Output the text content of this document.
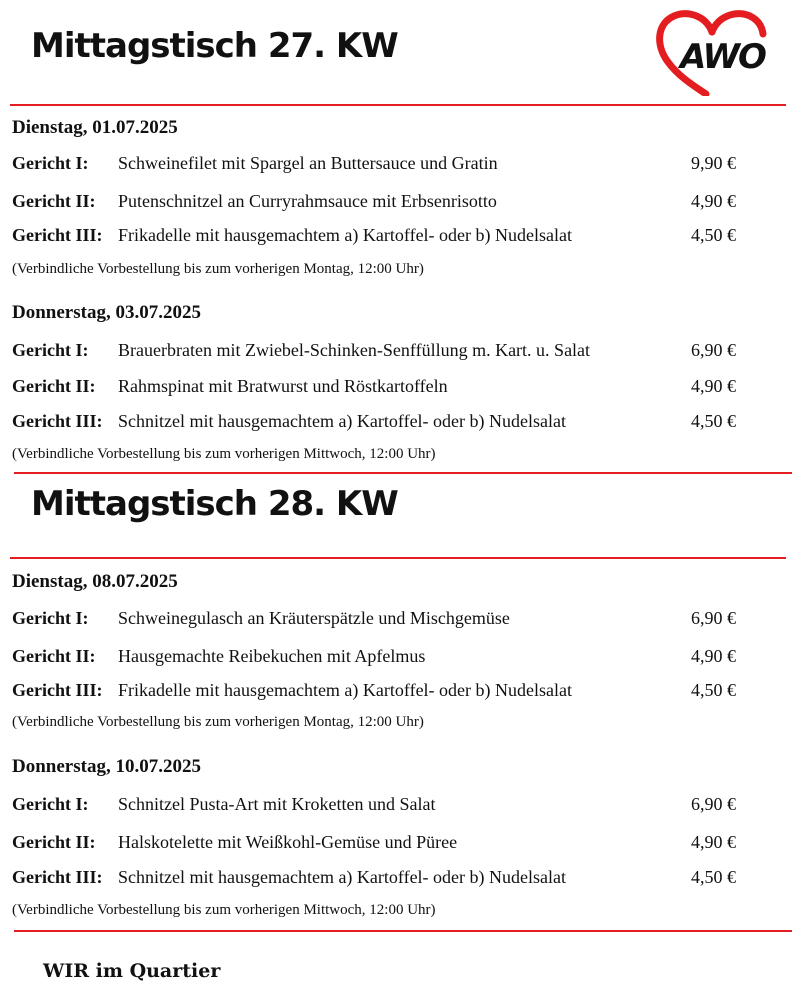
AWO
Mittagstisch 27. KW
Dienstag, 01.07.2025
Gericht I: Schweinefilet mit Spargel an Buttersauce und Gratin	9,90 €
Gericht II: Putenschnitzel an Curryrahmsauce mit Erbsenrisotto	4,90 €
Gericht III: Frikadelle mit hausgemachtem a) Kartoffel- oder b) Nudelsalat	4,50 €
(Verbindliche Vorbestellung bis zum vorherigen Montag, 12:00 Uhr)
Donnerstag, 03.07.2025
Gericht I: Brauerbraten mit Zwiebel-Schinken-Senffüllung m. Kart. u. Salat	6,90 €
Gericht II: Rahmspinat mit Bratwurst und Röstkartoffeln	4,90 €
Gericht III: Schnitzel mit hausgemachtem a) Kartoffel- oder b) Nudelsalat	4,50 €
(Verbindliche Vorbestellung bis zum vorherigen Mittwoch, 12:00 Uhr)
Mittagstisch 28. KW
Dienstag, 08.07.2025
Gericht I: Schweinegulasch an Kräuterspätzle und Mischgemüse	6,90 €
Gericht II: Hausgemachte Reibekuchen mit Apfelmus	4,90 €
Gericht III: Frikadelle mit hausgemachtem a) Kartoffel- oder b) Nudelsalat	4,50 €
(Verbindliche Vorbestellung bis zum vorherigen Montag, 12:00 Uhr)
Donnerstag, 10.07.2025
Gericht I: Schnitzel Pusta-Art mit Kroketten und Salat	6,90 €
Gericht II: Halskotelette mit Weißkohl-Gemüse und Püree	4,90 €
Gericht III: Schnitzel mit hausgemachtem a) Kartoffel- oder b) Nudelsalat	4,50 €
(Verbindliche Vorbestellung bis zum vorherigen Mittwoch, 12:00 Uhr)
WIR im Quartier
